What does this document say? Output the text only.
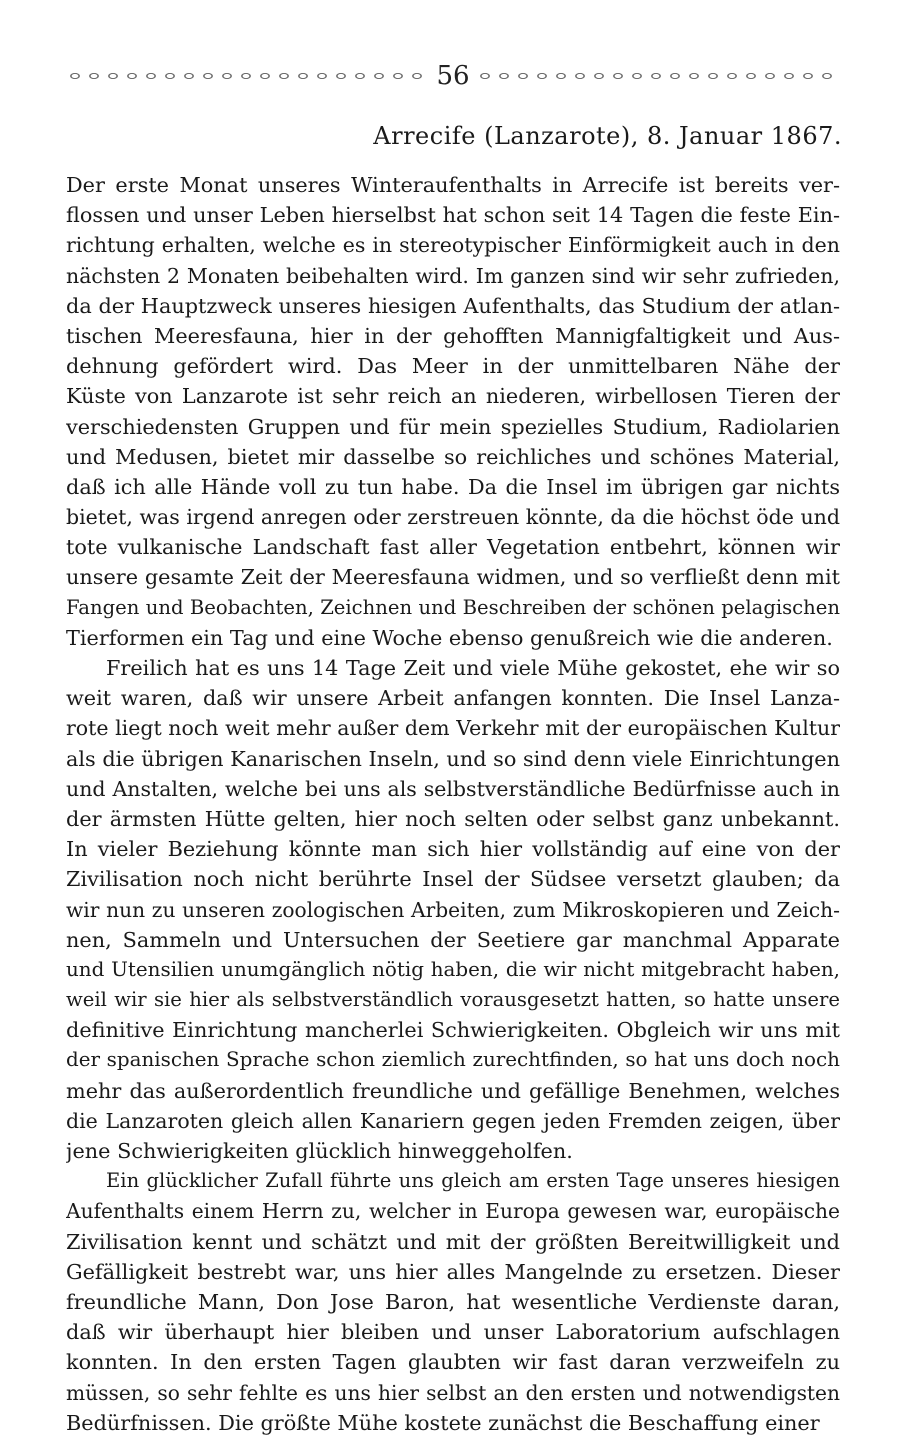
56
Arrecife (Lanzarote), 8. Januar 1867.
Der erste Monat unseres Winteraufenthalts in Arrecife ist bereits ver-
flossen und unser Leben hierselbst hat schon seit 14 Tagen die feste Ein-
richtung erhalten, welche es in stereotypischer Einförmigkeit auch in den
nächsten 2 Monaten beibehalten wird. Im ganzen sind wir sehr zufrieden,
da der Hauptzweck unseres hiesigen Aufenthalts, das Studium der atlan-
tischen Meeresfauna, hier in der gehofften Mannigfaltigkeit und Aus-
dehnung gefördert wird. Das Meer in der unmittelbaren Nähe der
Küste von Lanzarote ist sehr reich an niederen, wirbellosen Tieren der
verschiedensten Gruppen und für mein spezielles Studium, Radiolarien
und Medusen, bietet mir dasselbe so reichliches und schönes Material,
daß ich alle Hände voll zu tun habe. Da die Insel im übrigen gar nichts
bietet, was irgend anregen oder zerstreuen könnte, da die höchst öde und
tote vulkanische Landschaft fast aller Vegetation entbehrt, können wir
unsere gesamte Zeit der Meeresfauna widmen, und so verfließt denn mit
Fangen und Beobachten, Zeichnen und Beschreiben der schönen pelagischen
Tierformen ein Tag und eine Woche ebenso genußreich wie die anderen.
Freilich hat es uns 14 Tage Zeit und viele Mühe gekostet, ehe wir so
weit waren, daß wir unsere Arbeit anfangen konnten. Die Insel Lanza-
rote liegt noch weit mehr außer dem Verkehr mit der europäischen Kultur
als die übrigen Kanarischen Inseln, und so sind denn viele Einrichtungen
und Anstalten, welche bei uns als selbstverständliche Bedürfnisse auch in
der ärmsten Hütte gelten, hier noch selten oder selbst ganz unbekannt.
In vieler Beziehung könnte man sich hier vollständig auf eine von der
Zivilisation noch nicht berührte Insel der Südsee versetzt glauben; da
wir nun zu unseren zoologischen Arbeiten, zum Mikroskopieren und Zeich-
nen, Sammeln und Untersuchen der Seetiere gar manchmal Apparate
und Utensilien unumgänglich nötig haben, die wir nicht mitgebracht haben,
weil wir sie hier als selbstverständlich vorausgesetzt hatten, so hatte unsere
definitive Einrichtung mancherlei Schwierigkeiten. Obgleich wir uns mit
der spanischen Sprache schon ziemlich zurechtfinden, so hat uns doch noch
mehr das außerordentlich freundliche und gefällige Benehmen, welches
die Lanzaroten gleich allen Kanariern gegen jeden Fremden zeigen, über
jene Schwierigkeiten glücklich hinweggeholfen.
Ein glücklicher Zufall führte uns gleich am ersten Tage unseres hiesigen
Aufenthalts einem Herrn zu, welcher in Europa gewesen war, europäische
Zivilisation kennt und schätzt und mit der größten Bereitwilligkeit und
Gefälligkeit bestrebt war, uns hier alles Mangelnde zu ersetzen. Dieser
freundliche Mann, Don Jose Baron, hat wesentliche Verdienste daran,
daß wir überhaupt hier bleiben und unser Laboratorium aufschlagen
konnten. In den ersten Tagen glaubten wir fast daran verzweifeln zu
müssen, so sehr fehlte es uns hier selbst an den ersten und notwendigsten
Bedürfnissen. Die größte Mühe kostete zunächst die Beschaffung einer
